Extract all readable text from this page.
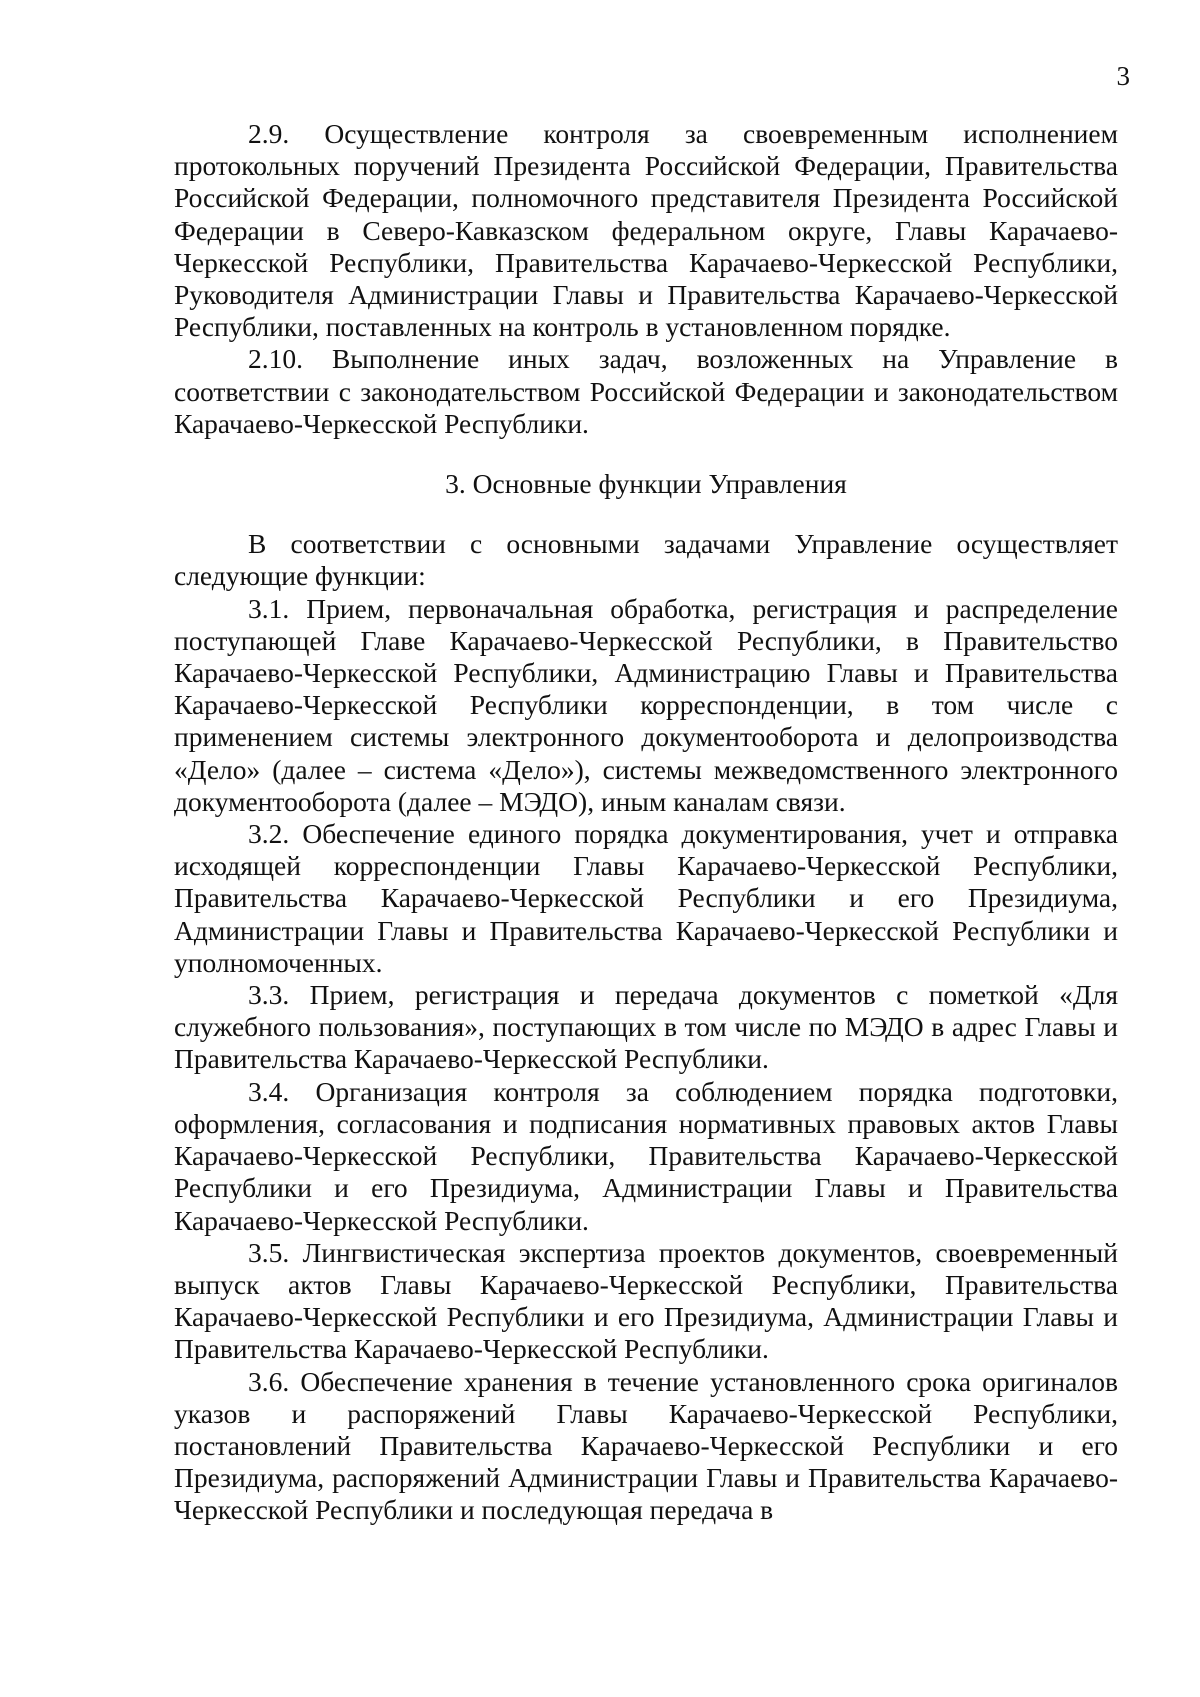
3

2.9. Осуществление контроля за своевременным исполнением протокольных поручений Президента Российской Федерации, Правительства Российской Федерации, полномочного представителя Президента Российской Федерации в Северо-Кавказском федеральном округе, Главы Карачаево-Черкесской Республики, Правительства Карачаево-Черкесской Республики, Руководителя Администрации Главы и Правительства Карачаево-Черкесской Республики, поставленных на контроль в установленном порядке.

2.10. Выполнение иных задач, возложенных на Управление в соответствии с законодательством Российской Федерации и законодательством Карачаево-Черкесской Республики.

3. Основные функции Управления

В соответствии с основными задачами Управление осуществляет следующие функции:

3.1. Прием, первоначальная обработка, регистрация и распределение поступающей Главе Карачаево-Черкесской Республики, в Правительство Карачаево-Черкесской Республики, Администрацию Главы и Правительства Карачаево-Черкесской Республики корреспонденции, в том числе с применением системы электронного документооборота и делопроизводства «Дело» (далее – система «Дело»), системы межведомственного электронного документооборота (далее – МЭДО), иным каналам связи.

3.2. Обеспечение единого порядка документирования, учет и отправка исходящей корреспонденции Главы Карачаево-Черкесской Республики, Правительства Карачаево-Черкесской Республики и его Президиума, Администрации Главы и Правительства Карачаево-Черкесской Республики и уполномоченных.

3.3. Прием, регистрация и передача документов с пометкой «Для служебного пользования», поступающих в том числе по МЭДО в адрес Главы и Правительства Карачаево-Черкесской Республики.

3.4. Организация контроля за соблюдением порядка подготовки, оформления, согласования и подписания нормативных правовых актов Главы Карачаево-Черкесской Республики, Правительства Карачаево-Черкесской Республики и его Президиума, Администрации Главы и Правительства Карачаево-Черкесской Республики.

3.5. Лингвистическая экспертиза проектов документов, своевременный выпуск актов Главы Карачаево-Черкесской Республики, Правительства Карачаево-Черкесской Республики и его Президиума, Администрации Главы и Правительства Карачаево-Черкесской Республики.

3.6. Обеспечение хранения в течение установленного срока оригиналов указов и распоряжений Главы Карачаево-Черкесской Республики, постановлений Правительства Карачаево-Черкесской Республики и его Президиума, распоряжений Администрации Главы и Правительства Карачаево-Черкесской Республики и последующая передача в
